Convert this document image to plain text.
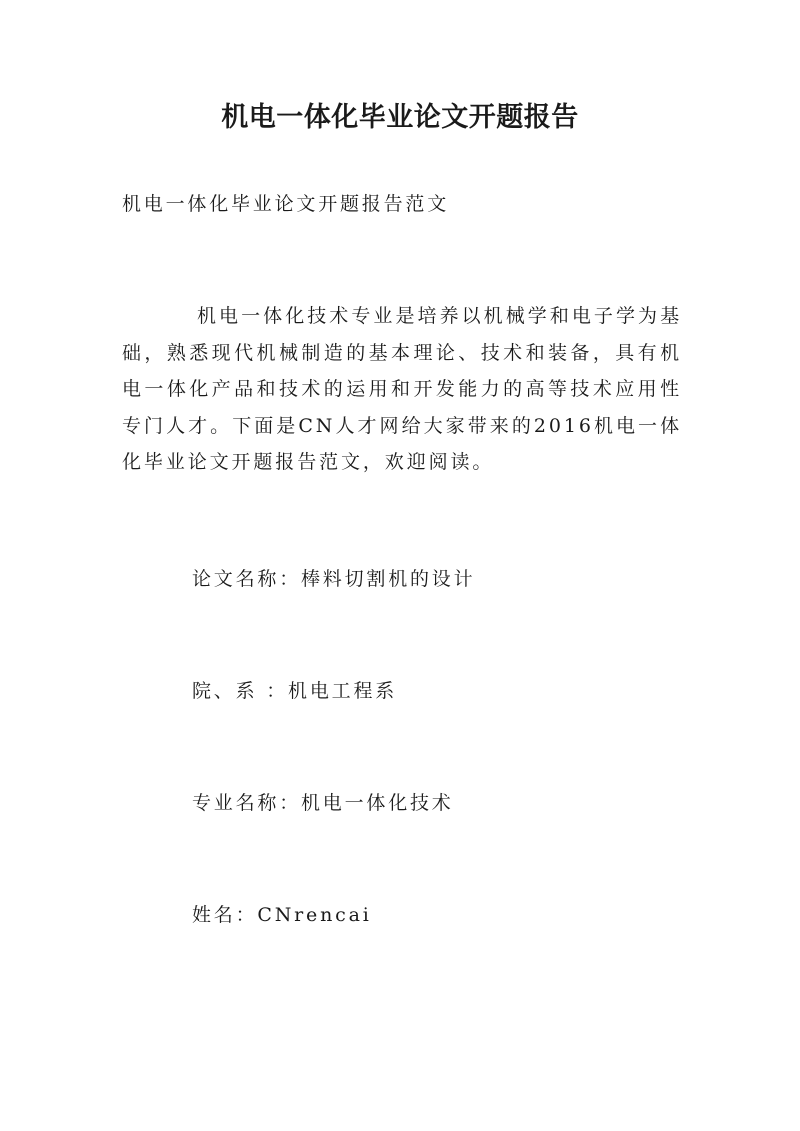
机电一体化毕业论文开题报告

机电一体化毕业论文开题报告范文

机电一体化技术专业是培养以机械学和电子学为基础，熟悉现代机械制造的基本理论、技术和装备，具有机电一体化产品和技术的运用和开发能力的高等技术应用性专门人才。下面是CN人才网给大家带来的2016机电一体化毕业论文开题报告范文，欢迎阅读。

论文名称：棒料切割机的设计

院、系 ：机电工程系

专业名称：机电一体化技术

姓名：CNrencai
